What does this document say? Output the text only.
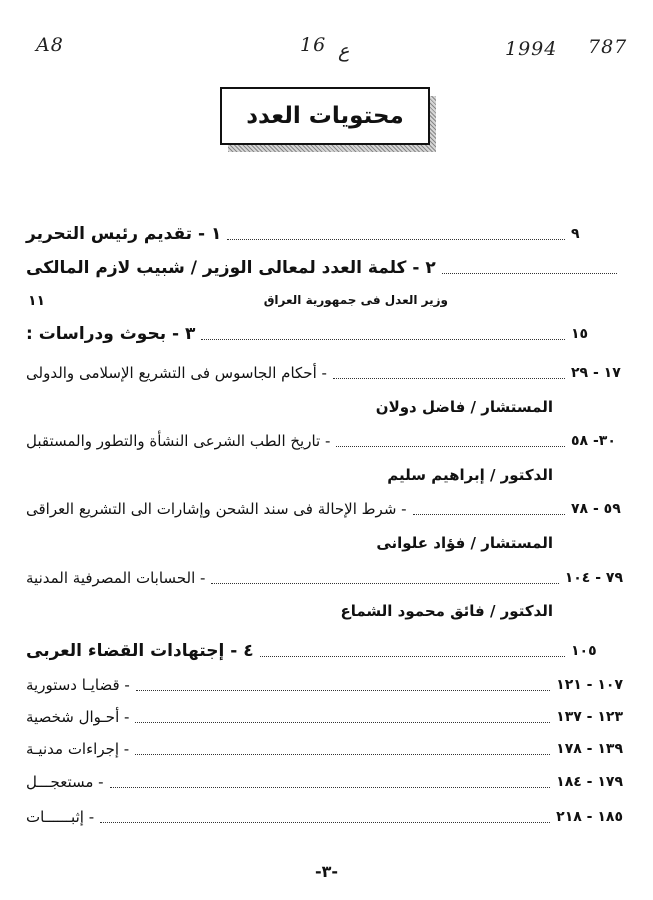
A8	16 ع	1994 787
محتويات العدد
١ - تقديم رئيس التحرير	٩
٢ - كلمة العدد لمعالى الوزير / شبيب لازم المالكى
وزير العدل فى جمهورية العراق
١١
٣ - بحوث ودراسات :	١٥
- أحكام الجاسوس فى التشريع الإسلامى والدولى	١٧ - ٢٩
المستشار / فاضل دولان
- تاريخ الطب الشرعى النشأة والتطور والمستقبل	٣٠- ٥٨
الدكتور / إبراهيم سليم
- شرط الإحالة فى سند الشحن وإشارات الى التشريع العراقى	٥٩ - ٧٨
المستشار / فؤاد علوانى
- الحسابات المصرفية المدنية	٧٩ - ١٠٤
الدكتور / فائق محمود الشماع
٤ - إجتهادات القضاء العربى	١٠٥
- قضايـا دستورية	١٠٧ - ١٢١
- أحـوال شخصية	١٢٣ - ١٣٧
- إجراءات مدنيـة	١٣٩ - ١٧٨
- مستعجـــل	١٧٩ - ١٨٤
- إثبــــــات	١٨٥ - ٢١٨
-٣-
